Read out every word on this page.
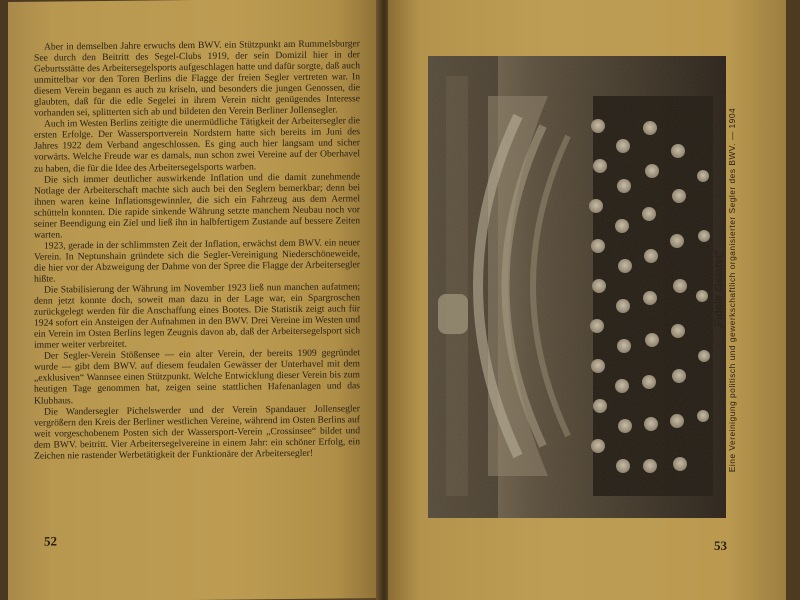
Aber in demselben Jahre erwuchs dem BWV. ein Stützpunkt am Rummelsburger See durch den Beitritt des Segel-Clubs 1919, der sein Domizil hier in der Geburtsstätte des Arbeitersegelsports aufgeschlagen hatte und dafür sorgte, daß auch unmittelbar vor den Toren Berlins die Flagge der freien Segler vertreten war. In diesem Verein begann es auch zu kriseln, und besonders die jungen Genossen, die glaubten, daß für die edle Segelei in ihrem Verein nicht genügendes Interesse vorhanden sei, splitterten sich ab und bildeten den Verein Berliner Jollensegler.

Auch im Westen Berlins zeitigte die unermüdliche Tätigkeit der Arbeitersegler die ersten Erfolge. Der Wassersportverein Nordstern hatte sich bereits im Juni des Jahres 1922 dem Verband angeschlossen. Es ging auch hier langsam und sicher vorwärts. Welche Freude war es damals, nun schon zwei Vereine auf der Oberhavel zu haben, die für die Idee des Arbeitersegelsports warben.

Die sich immer deutlicher auswirkende Inflation und die damit zunehmende Notlage der Arbeiterschaft machte sich auch bei den Seglern bemerkbar; denn bei ihnen waren keine Inflationsgewinnler, die sich ein Fahrzeug aus dem Aermel schütteln konnten. Die rapide sinkende Währung setzte manchem Neubau noch vor seiner Beendigung ein Ziel und ließ ihn in halbfertigem Zustande auf bessere Zeiten warten.

1923, gerade in der schlimmsten Zeit der Inflation, erwächst dem BWV. ein neuer Verein. In Neptunshain gründete sich die Segler-Vereinigung Niederschöneweide, die hier vor der Abzweigung der Dahme von der Spree die Flagge der Arbeitersegler hißte.

Die Stabilisierung der Währung im November 1923 ließ nun manchen aufatmen; denn jetzt konnte doch, soweit man dazu in der Lage war, ein Spargroschen zurückgelegt werden für die Anschaffung eines Bootes. Die Statistik zeigt auch für 1924 sofort ein Ansteigen der Aufnahmen in den BWV. Drei Vereine im Westen und ein Verein im Osten Berlins legen Zeugnis davon ab, daß der Arbeitersegelsport sich immer weiter verbreitet.

Der Segler-Verein Stößensee — ein alter Verein, der bereits 1909 gegründet wurde — gibt dem BWV. auf diesem feudalen Gewässer der Unterhavel mit dem „exklusiven“ Wannsee einen Stützpunkt. Welche Entwicklung dieser Verein bis zum heutigen Tage genommen hat, zeigen seine stattlichen Hafenanlagen und das Klubhaus.

Die Wandersegler Pichelswerder und der Verein Spandauer Jollensegler vergrößern den Kreis der Berliner westlichen Vereine, während im Osten Berlins auf weit vorgeschobenem Posten sich der Wassersport-Verein „Crossinsee“ bildet und dem BWV. beitritt. Vier Arbeitersegelvereine in einem Jahr: ein schöner Erfolg, ein Zeichen nie rastender Werbetätigkeit der Funktionäre der Arbeitersegler!

52
„Fidele Geister“ Eine Vereinigung politisch und gewerkschaftlich organisierter Segler des BWV. — 1904
53
